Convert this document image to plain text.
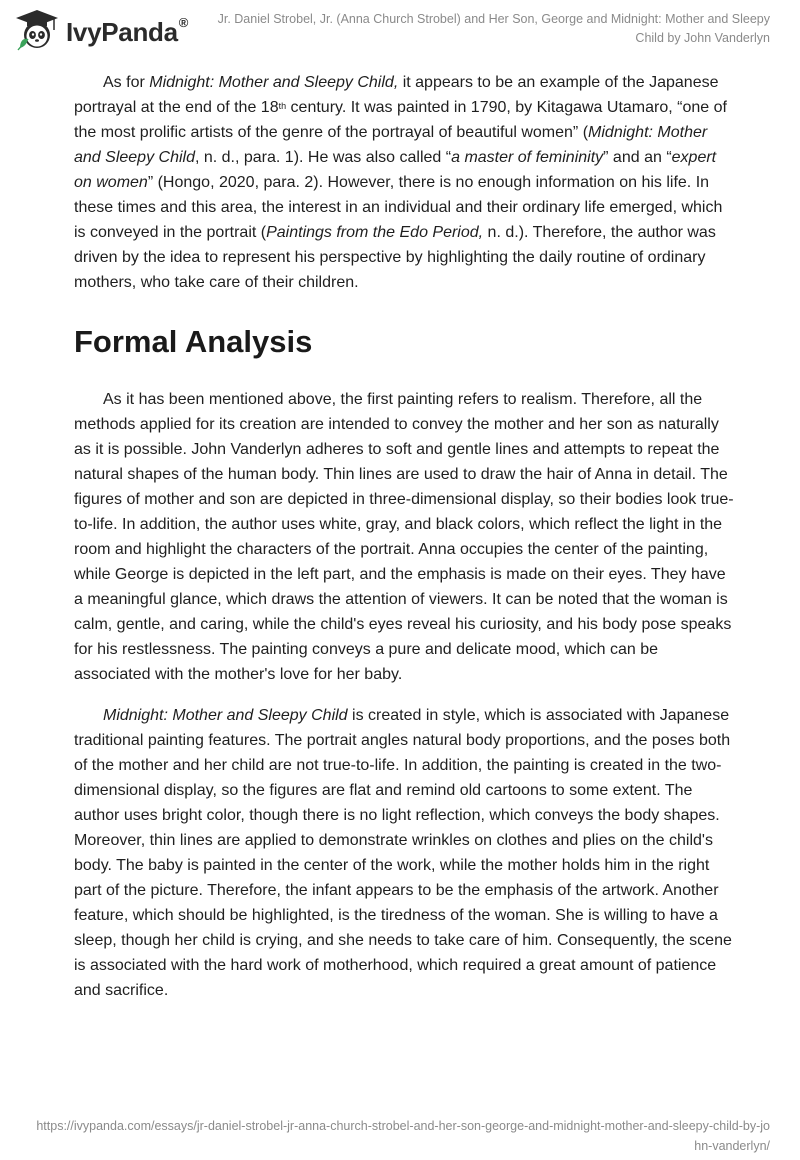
IvyPanda®	Jr. Daniel Strobel, Jr. (Anna Church Strobel) and Her Son, George and Midnight: Mother and Sleepy Child by John Vanderlyn

As for Midnight: Mother and Sleepy Child, it appears to be an example of the Japanese portrayal at the end of the 18th century. It was painted in 1790, by Kitagawa Utamaro, “one of the most prolific artists of the genre of the portrayal of beautiful women” (Midnight: Mother and Sleepy Child, n. d., para. 1). He was also called “a master of femininity” and an “expert on women” (Hongo, 2020, para. 2). However, there is no enough information on his life. In these times and this area, the interest in an individual and their ordinary life emerged, which is conveyed in the portrait (Paintings from the Edo Period, n. d.). Therefore, the author was driven by the idea to represent his perspective by highlighting the daily routine of ordinary mothers, who take care of their children.

Formal Analysis

As it has been mentioned above, the first painting refers to realism. Therefore, all the methods applied for its creation are intended to convey the mother and her son as naturally as it is possible. John Vanderlyn adheres to soft and gentle lines and attempts to repeat the natural shapes of the human body. Thin lines are used to draw the hair of Anna in detail. The figures of mother and son are depicted in three-dimensional display, so their bodies look true-to-life. In addition, the author uses white, gray, and black colors, which reflect the light in the room and highlight the characters of the portrait. Anna occupies the center of the painting, while George is depicted in the left part, and the emphasis is made on their eyes. They have a meaningful glance, which draws the attention of viewers. It can be noted that the woman is calm, gentle, and caring, while the child's eyes reveal his curiosity, and his body pose speaks for his restlessness. The painting conveys a pure and delicate mood, which can be associated with the mother's love for her baby.

Midnight: Mother and Sleepy Child is created in style, which is associated with Japanese traditional painting features. The portrait angles natural body proportions, and the poses both of the mother and her child are not true-to-life. In addition, the painting is created in the two-dimensional display, so the figures are flat and remind old cartoons to some extent. The author uses bright color, though there is no light reflection, which conveys the body shapes. Moreover, thin lines are applied to demonstrate wrinkles on clothes and plies on the child's body. The baby is painted in the center of the work, while the mother holds him in the right part of the picture. Therefore, the infant appears to be the emphasis of the artwork. Another feature, which should be highlighted, is the tiredness of the woman. She is willing to have a sleep, though her child is crying, and she needs to take care of him. Consequently, the scene is associated with the hard work of motherhood, which required a great amount of patience and sacrifice.

https://ivypanda.com/essays/jr-daniel-strobel-jr-anna-church-strobel-and-her-son-george-and-midnight-mother-and-sleepy-child-by-john-vanderlyn/
